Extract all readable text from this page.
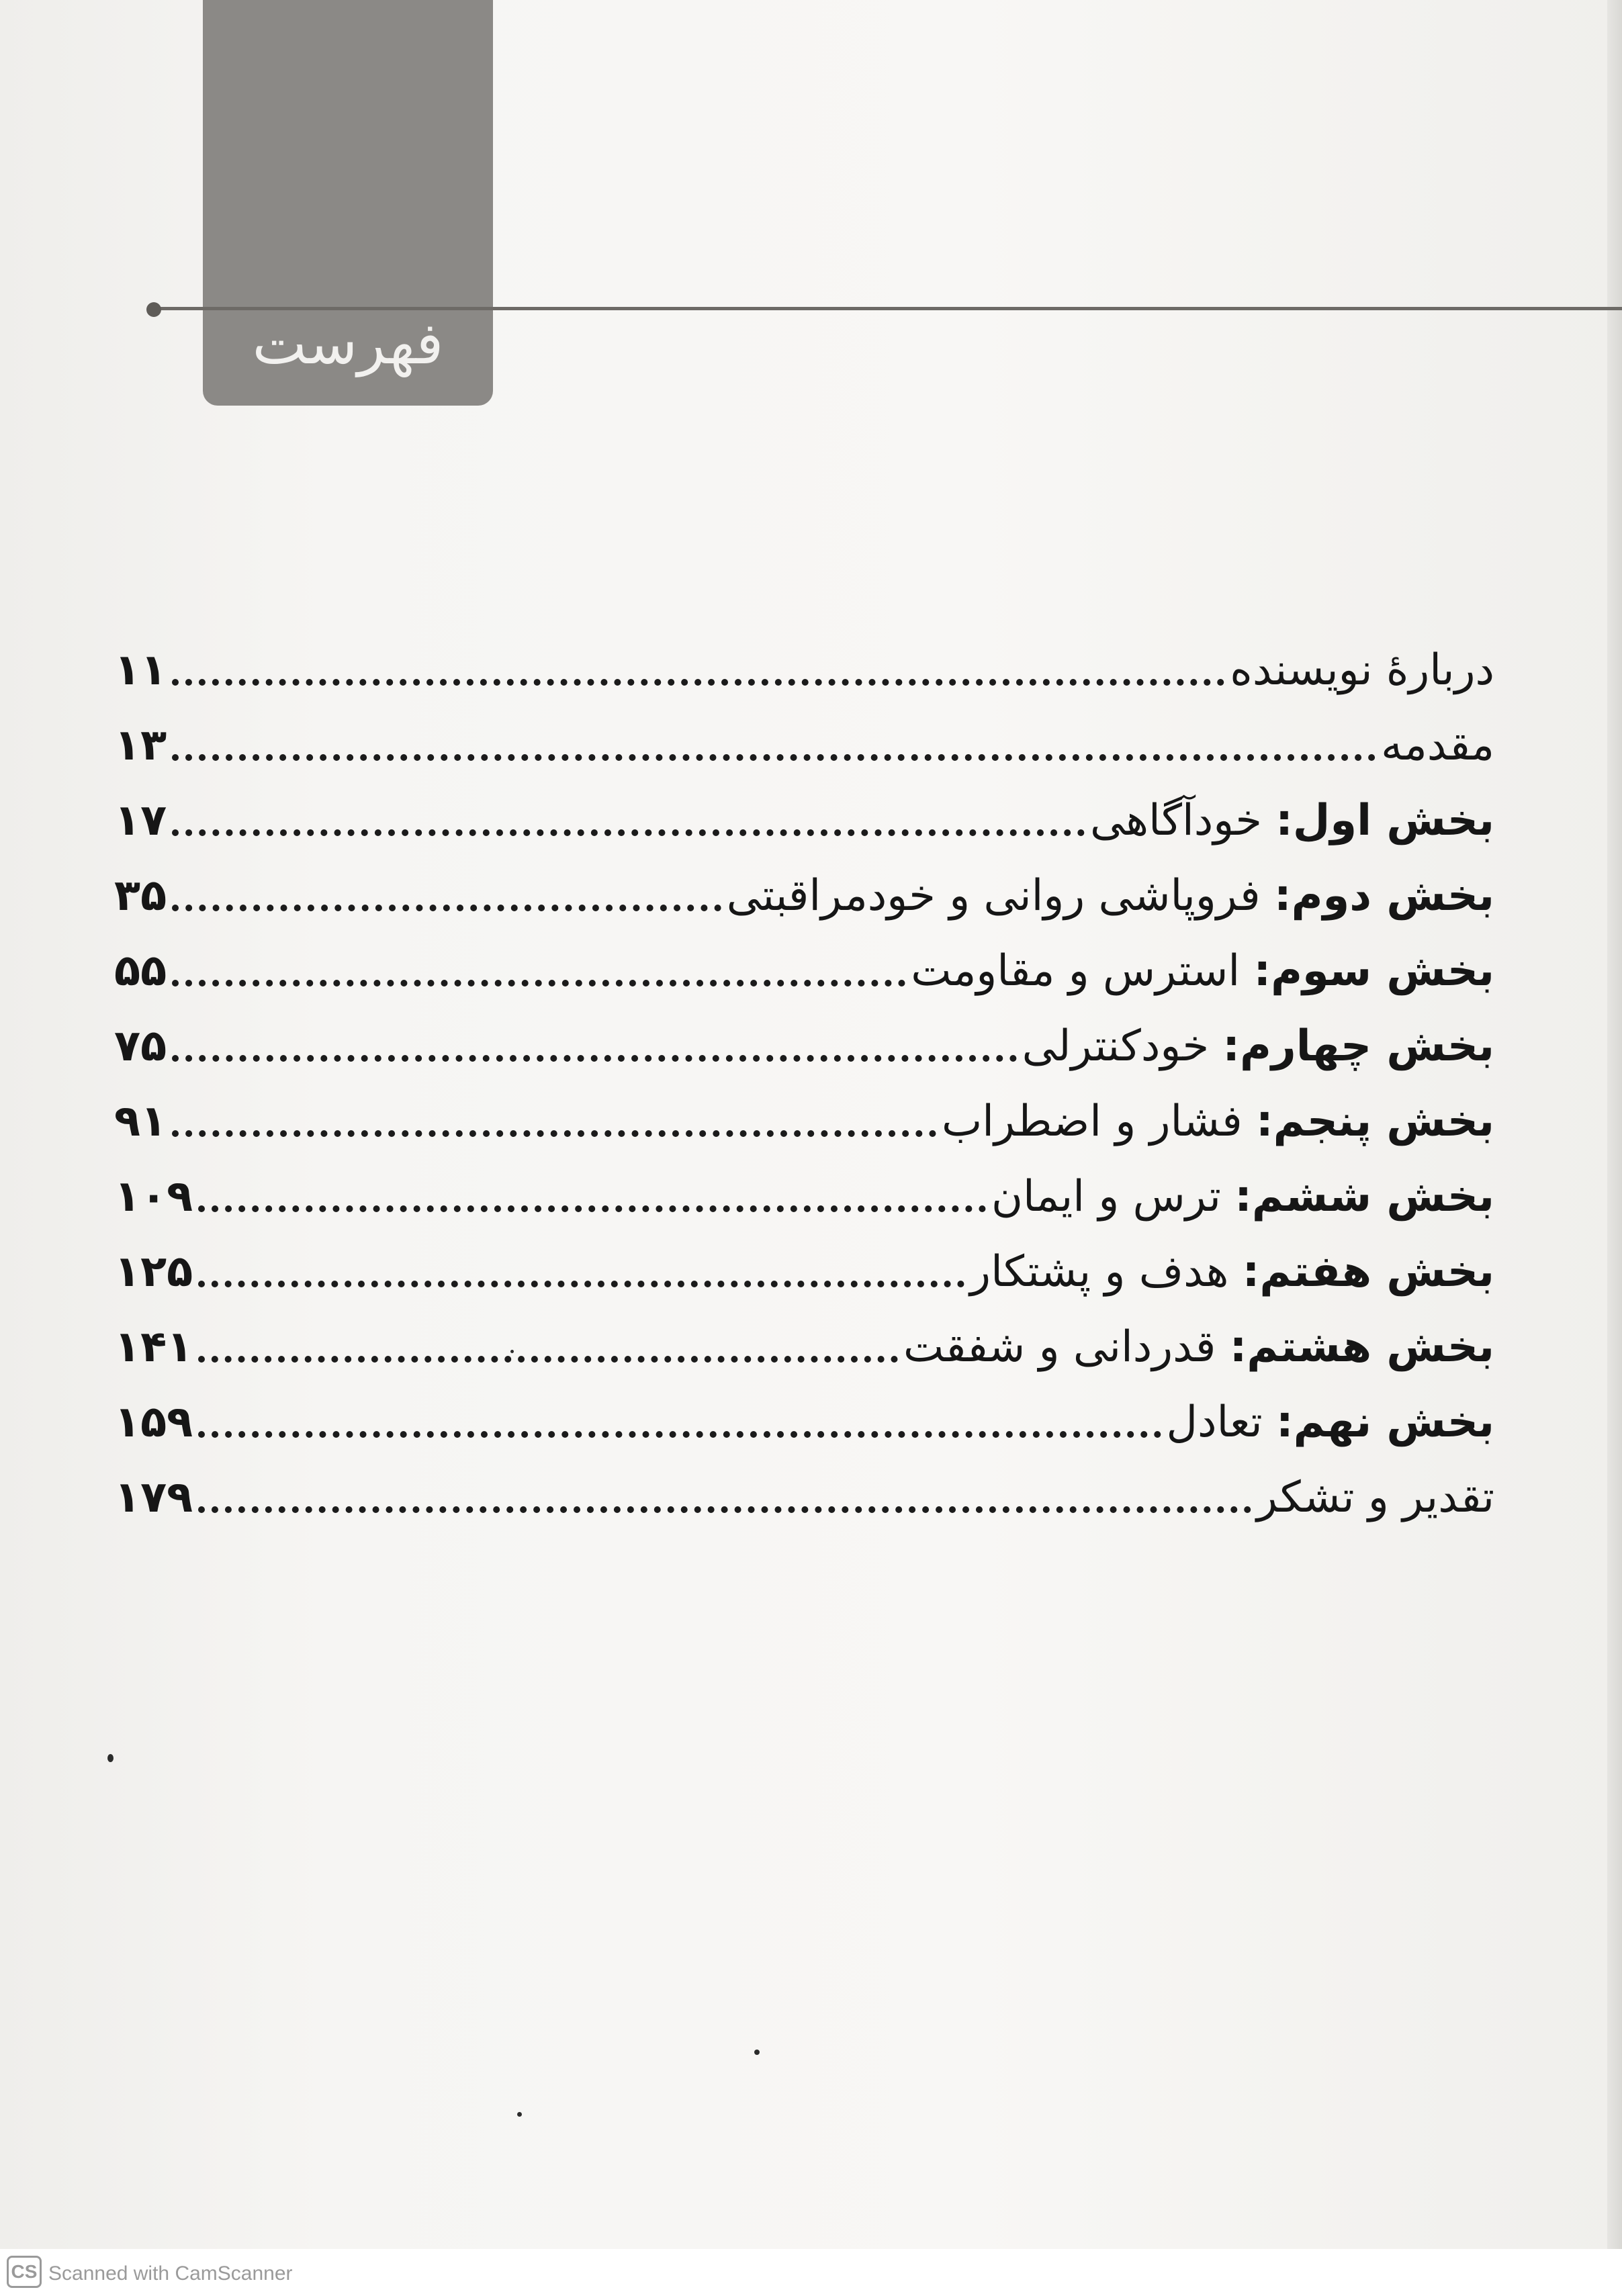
فهرست
دربارهٔ نویسنده
۱۱
مقدمه
۱۳
بخش اول: خودآگاهی
۱۷
بخش دوم: فروپاشی روانی و خودمراقبتی
۳۵
بخش سوم: استرس و مقاومت
۵۵
بخش چهارم: خودکنترلی
۷۵
بخش پنجم: فشار و اضطراب
۹۱
بخش ششم: ترس و ایمان
۱۰۹
بخش هفتم: هدف و پشتکار
۱۲۵
بخش هشتم: قدردانی و شفقت
۱۴۱
بخش نهم: تعادل
۱۵۹
تقدیر و تشکر
۱۷۹
CS Scanned with CamScanner
